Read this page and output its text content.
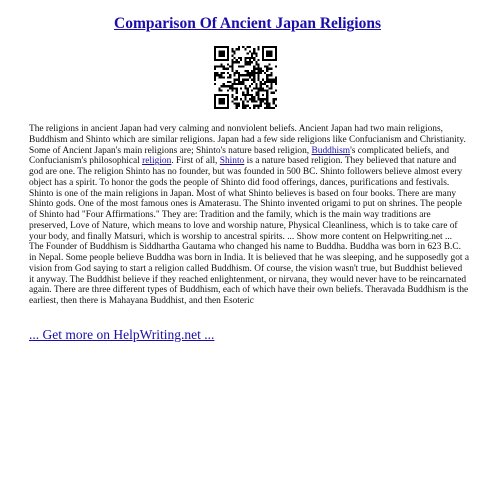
Comparison Of Ancient Japan Religions

The religions in ancient Japan had very calming and nonviolent beliefs. Ancient Japan had two main religions, Buddhism and Shinto which are similar religions. Japan had a few side religions like Confucianism and Christianity. Some of Ancient Japan's main religions are; Shinto's nature based religion, Buddhism's complicated beliefs, and Confucianism's philosophical religion. First of all, Shinto is a nature based religion. They believed that nature and god are one. The religion Shinto has no founder, but was founded in 500 BC. Shinto followers believe almost every object has a spirit. To honor the gods the people of Shinto did food offerings, dances, purifications and festivals. Shinto is one of the main religions in Japan. Most of what Shinto believes is based on four books. There are many Shinto gods. One of the most famous ones is Amaterasu. The Shinto invented origami to put on shrines. The people of Shinto had "Four Affirmations." They are: Tradition and the family, which is the main way traditions are preserved, Love of Nature, which means to love and worship nature, Physical Cleanliness, which is to take care of your body, and finally Matsuri, which is worship to ancestral spirits. ... Show more content on Helpwriting.net ...

The Founder of Buddhism is Siddhartha Gautama who changed his name to Buddha. Buddha was born in 623 B.C. in Nepal. Some people believe Buddha was born in India. It is believed that he was sleeping, and he supposedly got a vision from God saying to start a religion called Buddhism. Of course, the vision wasn't true, but Buddhist believed it anyway. The Buddhist believe if they reached enlightenment, or nirvana, they would never have to be reincarnated again. There are three different types of Buddhism, each of which have their own beliefs. Theravada Buddhism is the earliest, then there is Mahayana Buddhist, and then Esoteric

... Get more on HelpWriting.net ...
